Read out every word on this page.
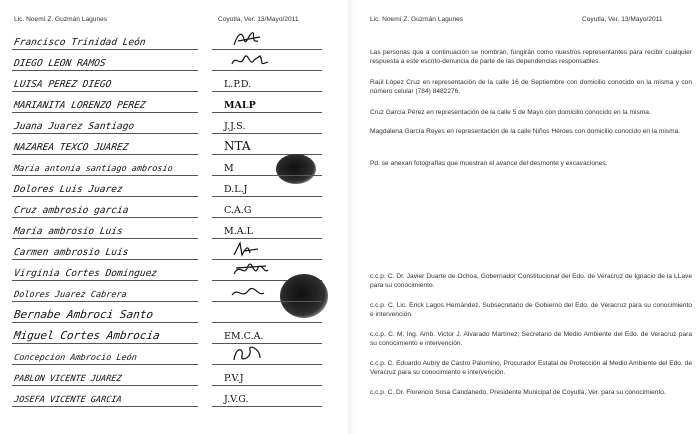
Lic. Noemí Z. Guzmán Lagunes	Coyutla, Ver. 13/Mayo/2011
Francisco Trinidad León
DIEGO LEON RAMOS
LUISA PEREZ DIEGO	L.P.D.
MARIANITA LORENZO PEREZ	MALP
Juana Juarez Santiago	J.J.S.
NAZAREA TEXCO JUAREZ	NTA
Maria antonia santiago ambrosio	M
Dolores Luis Juarez	D.L.J
Cruz ambrosio garcia	C.A.G
Maria ambrosio Luis	M.A.L
Carmen ambrosio Luis
Virginia Cortes Dominguez
Dolores Juarez Cabrera
Bernabe Ambroci Santo
Miguel Cortes Ambrocia	EM.C.A.
Concepcion Ambrocio León
PABLON VICENTE JUAREZ	P.V.J
JOSEFA VICENTE GARCIA	J.V.G.
Lic. Noemí Z. Guzmán Lagunes	Coyutla, Ver. 13/Mayo/2011

Las personas que a continuación se nombran, fungirán como nuestros representantes para recibir cualquier respuesta a este escrito-denuncia de parte de las dependencias responsables.

Raúl López Cruz en representación de la calle 16 de Septiembre con domicilio conocido en la misma y con número celular (784) 8482276.

Cruz García Pérez en representación de la calle 5 de Mayo con domicilio conocido en la misma.

Magdalena García Reyes en representación de la calle Niños Héroes con domicilio conocido en la misma.

Pd. se anexan fotografías que muestran el avance del desmonte y excavaciones.

c.c.p. C. Dr. Javier Duarte de Ochoa, Gobernador Constitucional del Edo. de Veracruz de Ignacio de la LLave para su conocimiento.

c.c.p. C. Lic. Erick Lagos Hernández, Subsecretario de Gobierno del Edo. de Veracruz para su conocimiento e intervención.

c.c.p. C. M. Ing. Amb. Victor J. Alvarado Martínez, Secretario de Medio Ambiente del Edo. de Veracruz para su conocimiento e intervención.

c.c.p. C. Eduardo Aubry de Castro Palomino, Procurador Estatal de Protección al Medio Ambiente del Edo. de Veracruz para su conocimiento e intervención.

c.c.p. C. Dr. Florencio Sosa Candanedo. Presidente Municipal de Coyutla, Ver. para su conocimiento.
